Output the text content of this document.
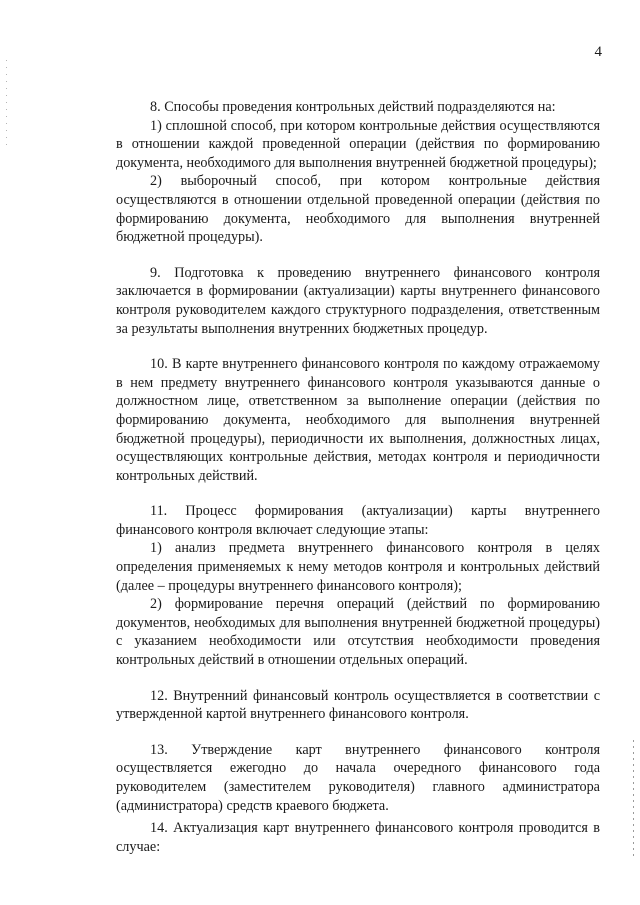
4

8. Способы проведения контрольных действий подразделяются на:

1) сплошной способ, при котором контрольные действия осуществляются в отношении каждой проведенной операции (действия по формированию документа, необходимого для выполнения внутренней бюджетной процедуры);

2) выборочный способ, при котором контрольные действия осуществляются в отношении отдельной проведенной операции (действия по формированию документа, необходимого для выполнения внутренней бюджетной процедуры).

9. Подготовка к проведению внутреннего финансового контроля заключается в формировании (актуализации) карты внутреннего финансового контроля руководителем каждого структурного подразделения, ответственным за результаты выполнения внутренних бюджетных процедур.

10. В карте внутреннего финансового контроля по каждому отражаемому в нем предмету внутреннего финансового контроля указываются данные о должностном лице, ответственном за выполнение операции (действия по формированию документа, необходимого для выполнения внутренней бюджетной процедуры), периодичности их выполнения, должностных лицах, осуществляющих контрольные действия, методах контроля и периодичности контрольных действий.

11. Процесс формирования (актуализации) карты внутреннего финансового контроля включает следующие этапы:

1) анализ предмета внутреннего финансового контроля в целях определения применяемых к нему методов контроля и контрольных действий (далее – процедуры внутреннего финансового контроля);

2) формирование перечня операций (действий по формированию документов, необходимых для выполнения внутренней бюджетной процедуры) с указанием необходимости или отсутствия необходимости проведения контрольных действий в отношении отдельных операций.

12. Внутренний финансовый контроль осуществляется в соответствии с утвержденной картой внутреннего финансового контроля.

13. Утверждение карт внутреннего финансового контроля осуществляется ежегодно до начала очередного финансового года руководителем (заместителем руководителя) главного администратора (администратора) средств краевого бюджета.

14. Актуализация карт внутреннего финансового контроля проводится в случае:
